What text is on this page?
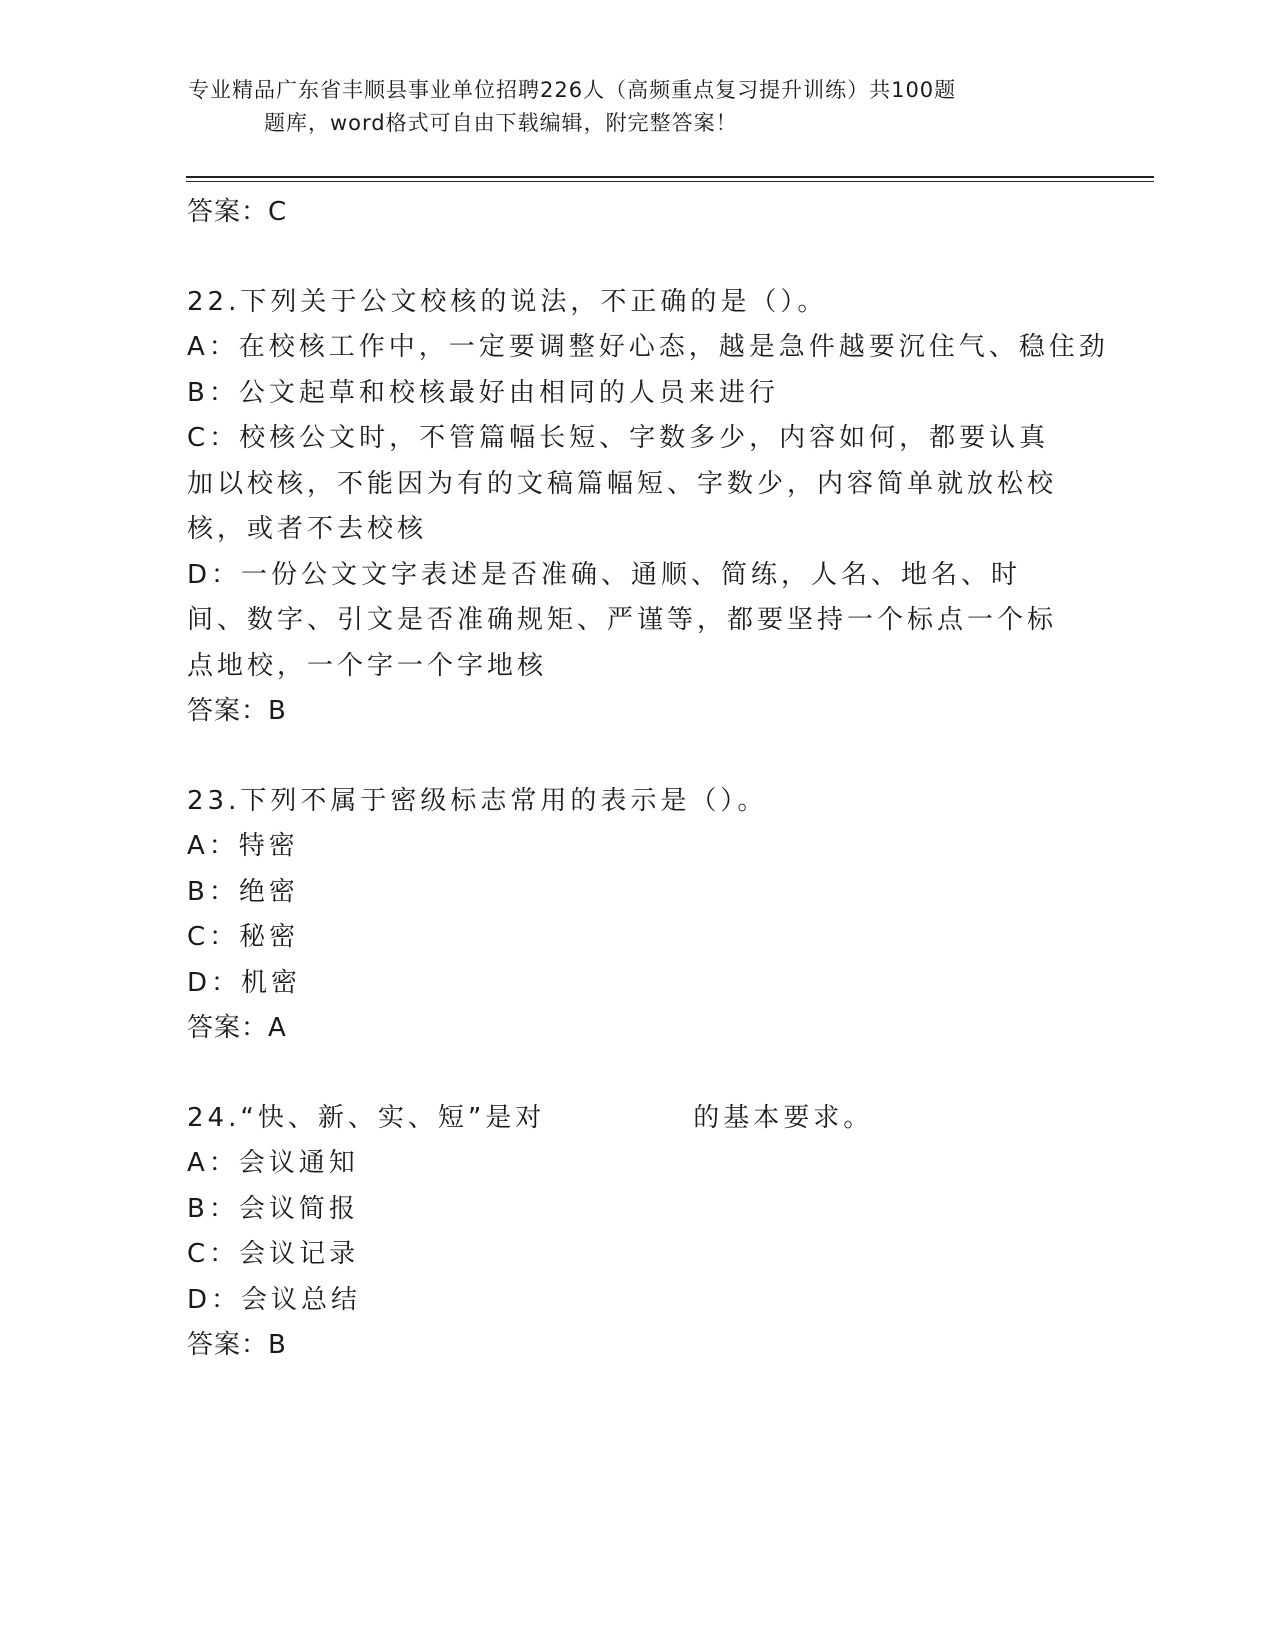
专业精品广东省丰顺县事业单位招聘226人（高频重点复习提升训练）共100题
题库，word格式可自由下载编辑，附完整答案！
答案：C
22.下列关于公文校核的说法，不正确的是（）。
A：在校核工作中，一定要调整好心态，越是急件越要沉住气、稳住劲
B：公文起草和校核最好由相同的人员来进行
C：校核公文时，不管篇幅长短、字数多少，内容如何，都要认真加以校核，不能因为有的文稿篇幅短、字数少，内容简单就放松校核，或者不去校核
D：一份公文文字表述是否准确、通顺、简练，人名、地名、时间、数字、引文是否准确规矩、严谨等，都要坚持一个标点一个标点地校，一个字一个字地核
答案：B
23.下列不属于密级标志常用的表示是（）。
A：特密
B：绝密
C：秘密
D：机密
答案：A
24.“快、新、实、短”是对	的基本要求。
A：会议通知
B：会议简报
C：会议记录
D：会议总结
答案：B
